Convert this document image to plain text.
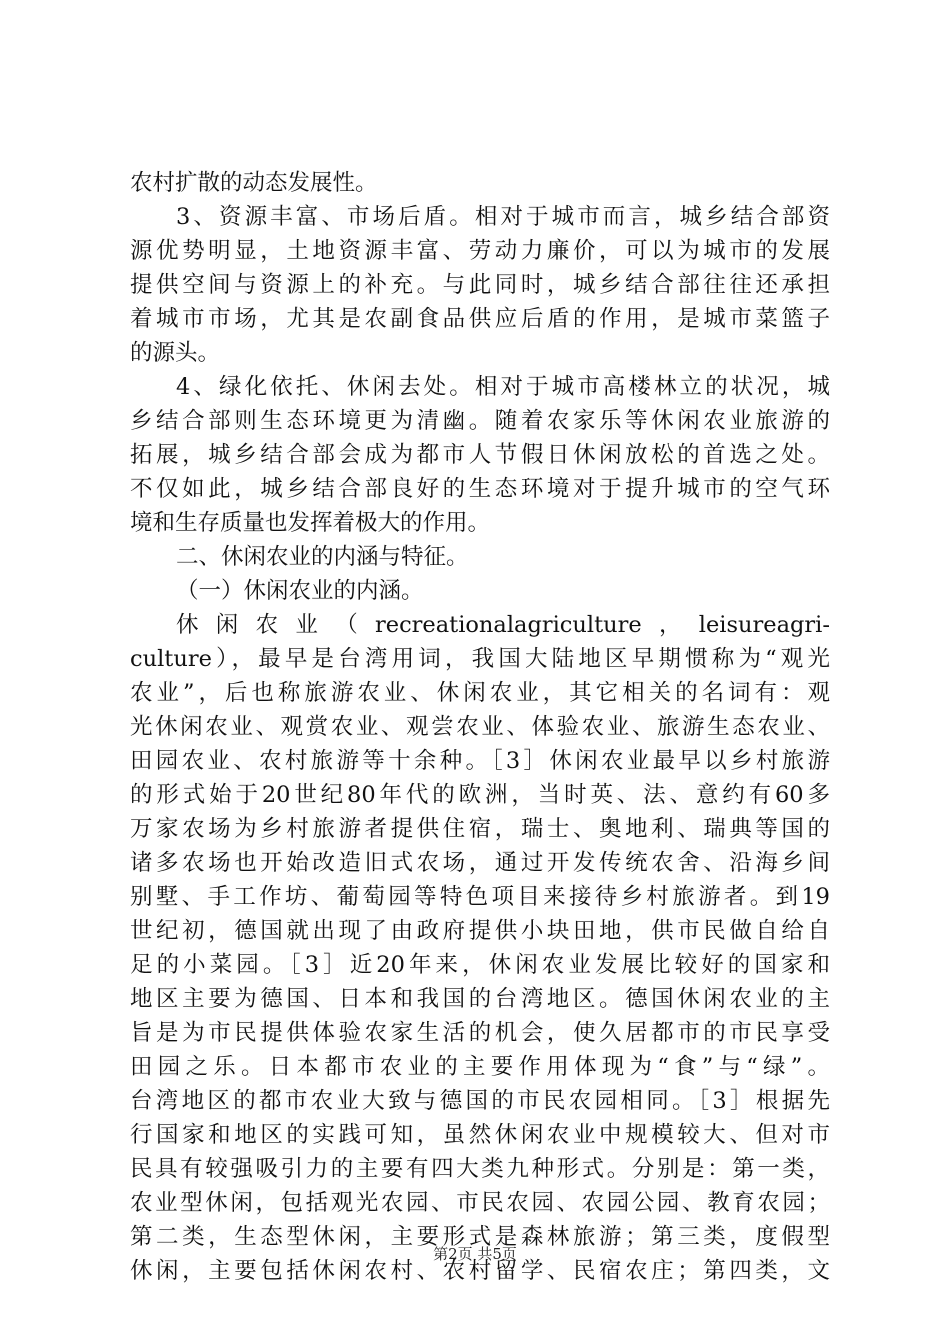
农村扩散的动态发展性。
3、资源丰富、市场后盾。相对于城市而言，城乡结合部资
源优势明显，土地资源丰富、劳动力廉价，可以为城市的发展
提供空间与资源上的补充。与此同时，城乡结合部往往还承担
着城市市场，尤其是农副食品供应后盾的作用，是城市菜篮子
的源头。
4、绿化依托、休闲去处。相对于城市高楼林立的状况，城
乡结合部则生态环境更为清幽。随着农家乐等休闲农业旅游的
拓展，城乡结合部会成为都市人节假日休闲放松的首选之处。
不仅如此，城乡结合部良好的生态环境对于提升城市的空气环
境和生存质量也发挥着极大的作用。
二、休闲农业的内涵与特征。
（一）休闲农业的内涵。
休闲农业（recreationalagriculture，leisureagri-
culture），最早是台湾用词，我国大陆地区早期惯称为“观光
农业”，后也称旅游农业、休闲农业，其它相关的名词有：观
光休闲农业、观赏农业、观尝农业、体验农业、旅游生态农业、
田园农业、农村旅游等十余种。［3］休闲农业最早以乡村旅游
的形式始于20世纪80年代的欧洲，当时英、法、意约有60多
万家农场为乡村旅游者提供住宿，瑞士、奥地利、瑞典等国的
诸多农场也开始改造旧式农场，通过开发传统农舍、沿海乡间
别墅、手工作坊、葡萄园等特色项目来接待乡村旅游者。到19
世纪初，德国就出现了由政府提供小块田地，供市民做自给自
足的小菜园。［3］近20年来，休闲农业发展比较好的国家和
地区主要为德国、日本和我国的台湾地区。德国休闲农业的主
旨是为市民提供体验农家生活的机会，使久居都市的市民享受
田园之乐。日本都市农业的主要作用体现为“食”与“绿”。
台湾地区的都市农业大致与德国的市民农园相同。［3］根据先
行国家和地区的实践可知，虽然休闲农业中规模较大、但对市
民具有较强吸引力的主要有四大类九种形式。分别是：第一类，
农业型休闲，包括观光农园、市民农园、农园公园、教育农园；
第二类，生态型休闲，主要形式是森林旅游；第三类，度假型
休闲，主要包括休闲农村、农村留学、民宿农庄；第四类，文
第2页 共5页
